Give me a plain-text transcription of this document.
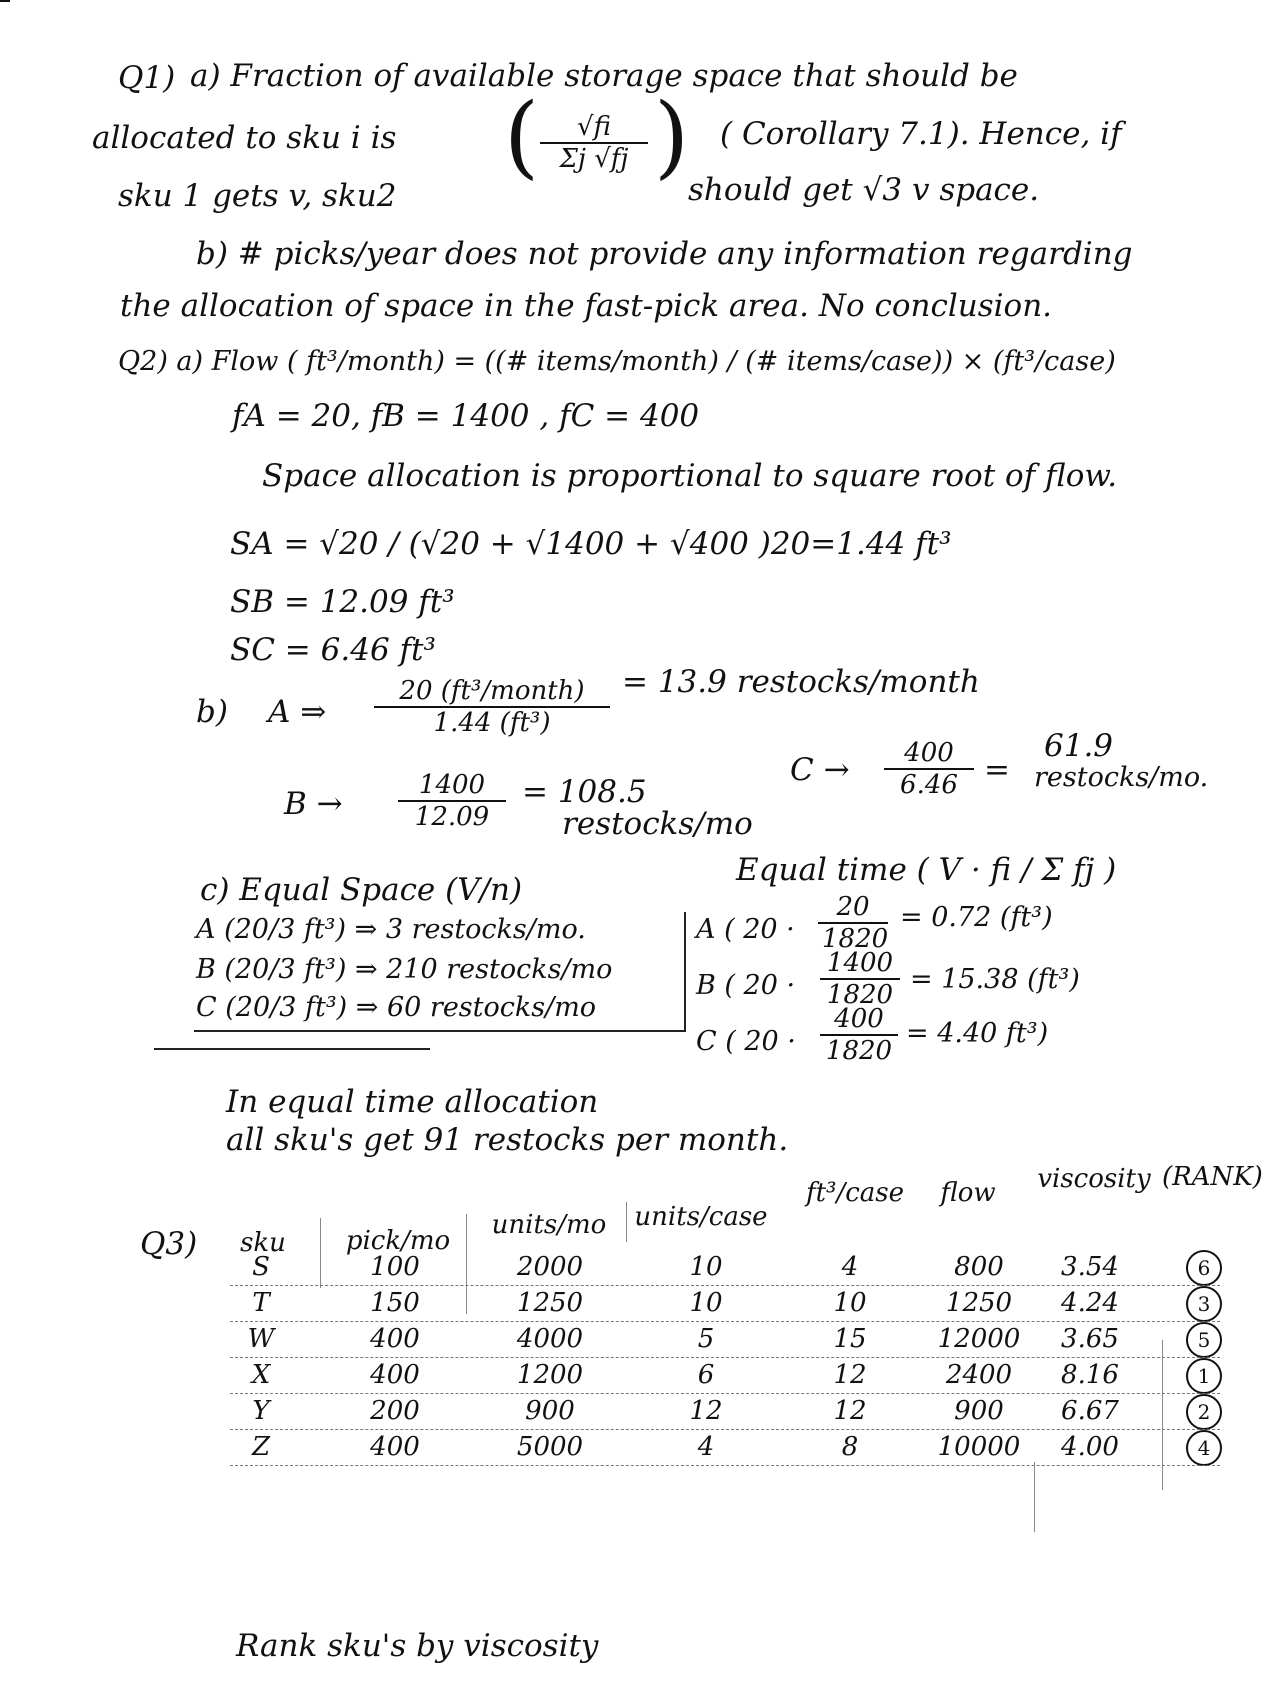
Q1) a) Fraction of available storage space that should be
allocated to sku i is ( $\frac{√fi}{\Sigma j √fj}$ ) ( Corollary 7.1). Hence, if
sku 1 gets v, sku2	should get √3 v space.
b) # picks/year does not provide any information regarding
the allocation of space in the fast-pick area. No conclusion.
Q2) a) Flow ( ft³/month) = ((# items/month) / (# items/case)) × (ft³/case)
fA = 20, fB = 1400 , fC = 400
Space allocation is proportional to square root of flow.
SA = √20 / (√20 + √1400 + √400 )20=1.44 ft³
SB = 12.09 ft³
SC = 6.46 ft³
b) A ⇒
20 (ft³/month)
1.44 (ft³)
= 13.9 restocks/month
$B \to \frac{1400}{12.09} = 108.5$
restocks/mo
$C \to \frac{400}{6.46}$ =
61.9
restocks/mo.
c) Equal Space (V/n)
A (20/3 ft³) ⇒ 3 restocks/mo.
B (20/3 ft³) ⇒ 210 restocks/mo
C (20/3 ft³) ⇒ 60 restocks/mo
Equal time ( V · fi / Σ fj )
A ( $20 \cdot \frac{20}{1820} = 0.72$ (ft³)
B ( $20 \cdot \frac{1400}{1820} = 15.38$ (ft³)
C ( $20 \cdot \frac{400}{1820} = 4.40$ ft³)
In equal time allocation
all sku's get 91 restocks per month.
Q3)	sku	pick/mo
units/mo	units/case
ft³/case	flow	viscosity (RANK)
S	100	2000	10	4	800	3.54	6
T	150	1250	10	10	1250	4.24	3
W	400	4000	5	15	12000	3.65	5
X	400	1200	6	12	2400	8.16	1
Y	200	900	12	12	900	6.67	2
Z	400	5000	4	8	10000	4.00	4
Rank sku's by viscosity
